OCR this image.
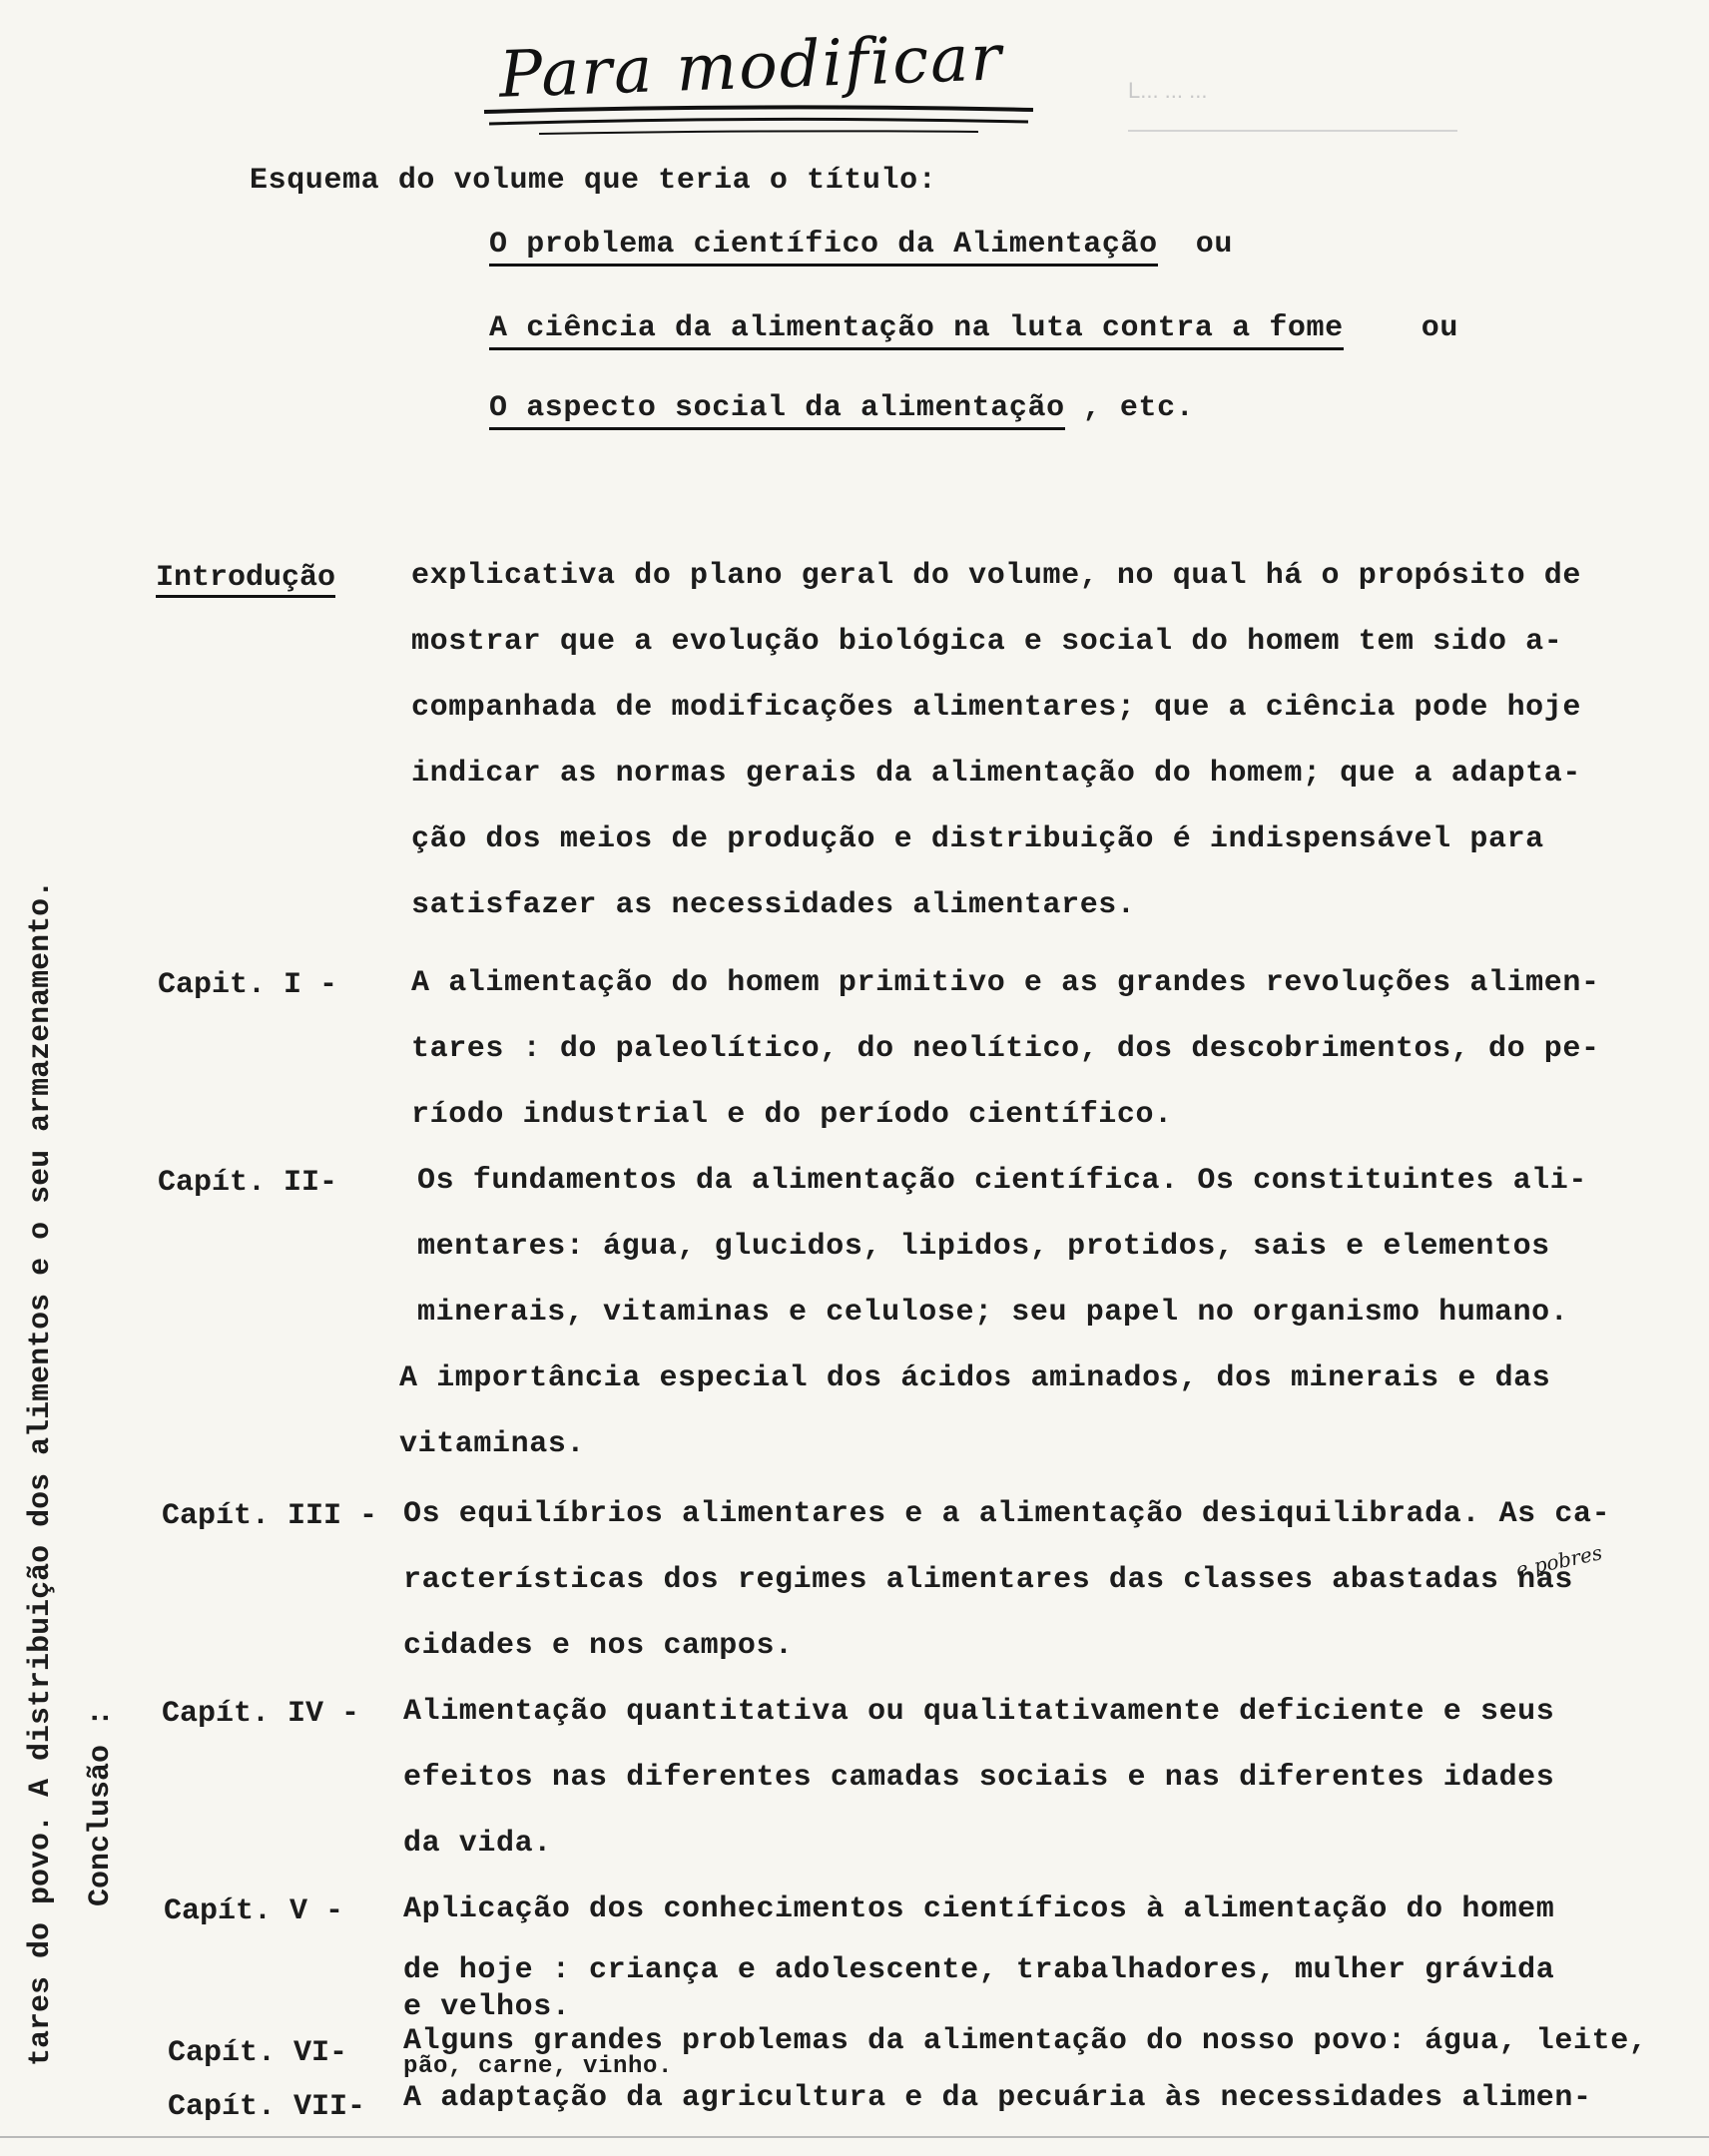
Para modificar	L... ... ...
Esquema do volume que teria o título:
O problema científico da Alimentação ou
A ciência da alimentação na luta contra a fome	ou
O aspecto social da alimentação , etc.
Introdução	explicativa do plano geral do volume, no qual há o propósito de
mostrar que a evolução biológica e social do homem tem sido a-
companhada de modificações alimentares; que a ciência pode hoje
indicar as normas gerais da alimentação do homem; que a adapta-
ção dos meios de produção e distribuição é indispensável para
satisfazer as necessidades alimentares.
Capit. I - A alimentação do homem primitivo e as grandes revoluções alimen-
tares : do paleolítico, do neolítico, dos descobrimentos, do pe-
ríodo industrial e do período científico.
Capít. II-	Os fundamentos da alimentação científica. Os constituintes ali-
mentares: água, glucidos, lipidos, protidos, sais e elementos
minerais, vitaminas e celulose; seu papel no organismo humano.
A importância especial dos ácidos aminados, dos minerais e das
vitaminas.
Capít. III - Os equilíbrios alimentares e a alimentação desiquilibrada. As ca-
racterísticas dos regimes alimentares das classes abastadas nas
cidades e nos campos.
e pobres
Capít. IV - Alimentação quantitativa ou qualitativamente deficiente e seus
efeitos nas diferentes camadas sociais e nas diferentes idades
da vida.
Capít. V - Aplicação dos conhecimentos científicos à alimentação do homem
de hoje : criança e adolescente, trabalhadores, mulher grávida
e velhos.
Capít. VI- Alguns grandes problemas da alimentação do nosso povo: água, leite,
pão, carne, vinho.
Capít. VII- A adaptação da agricultura e da pecuária às necessidades alimen-
tares do povo. A distribuição dos alimentos e o seu armazenamento. Conclusão :
